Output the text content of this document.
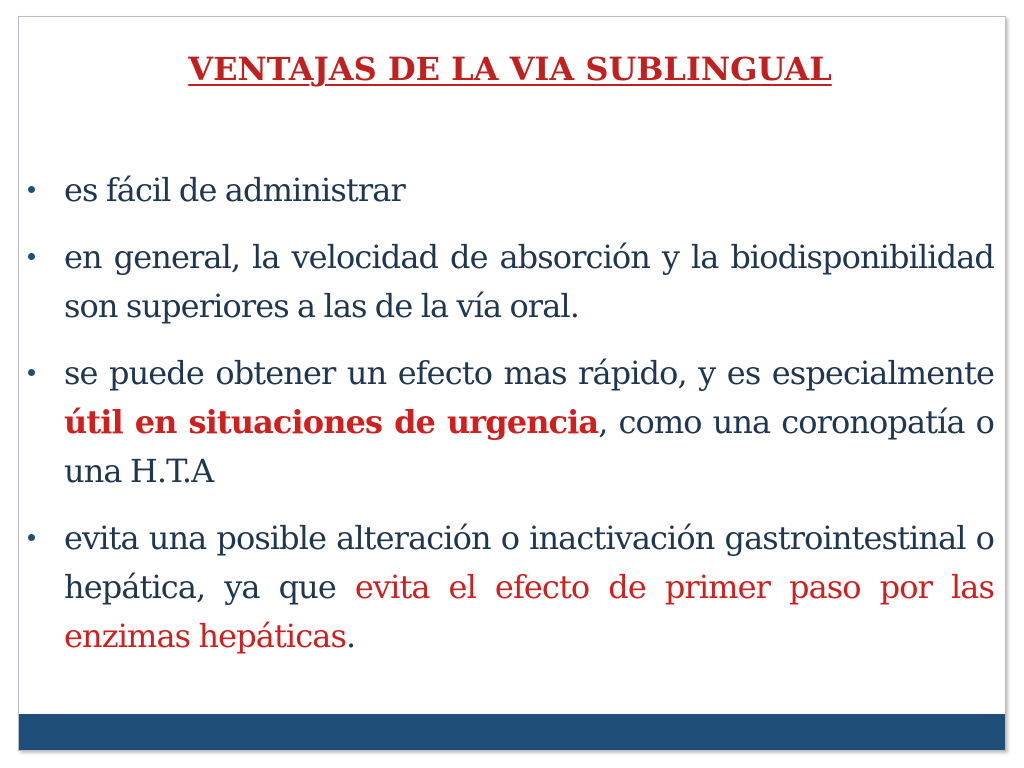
VENTAJAS DE LA VIA SUBLINGUAL
es fácil de administrar
en general, la velocidad de absorción y la biodisponibilidad son superiores a las de la vía oral.
se puede obtener un efecto mas rápido, y es especialmente útil en situaciones de urgencia, como una coronopatía o una H.T.A
evita una posible alteración o inactivación gastrointestinal o hepática, ya que evita el efecto de primer paso por las enzimas hepáticas.
